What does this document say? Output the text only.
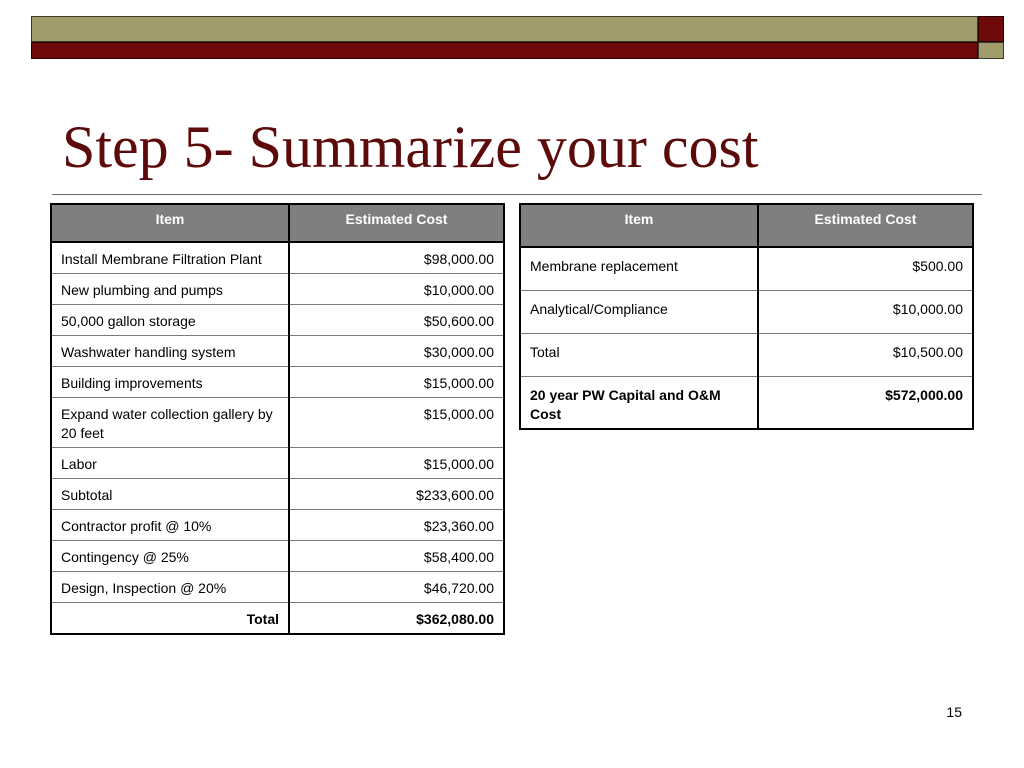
Step 5- Summarize your cost
Item	Estimated Cost
Install Membrane Filtration Plant	$98,000.00
New plumbing and pumps	$10,000.00
50,000 gallon storage	$50,600.00
Washwater handling system	$30,000.00
Building improvements	$15,000.00
Expand water collection gallery by 20 feet	$15,000.00
Labor	$15,000.00
Subtotal	$233,600.00
Contractor profit @ 10%	$23,360.00
Contingency @ 25%	$58,400.00
Design, Inspection @ 20%	$46,720.00
Total	$362,080.00
Item	Estimated Cost
Membrane replacement	$500.00
Analytical/Compliance	$10,000.00
Total	$10,500.00
20 year PW Capital and O&M Cost	$572,000.00
15
